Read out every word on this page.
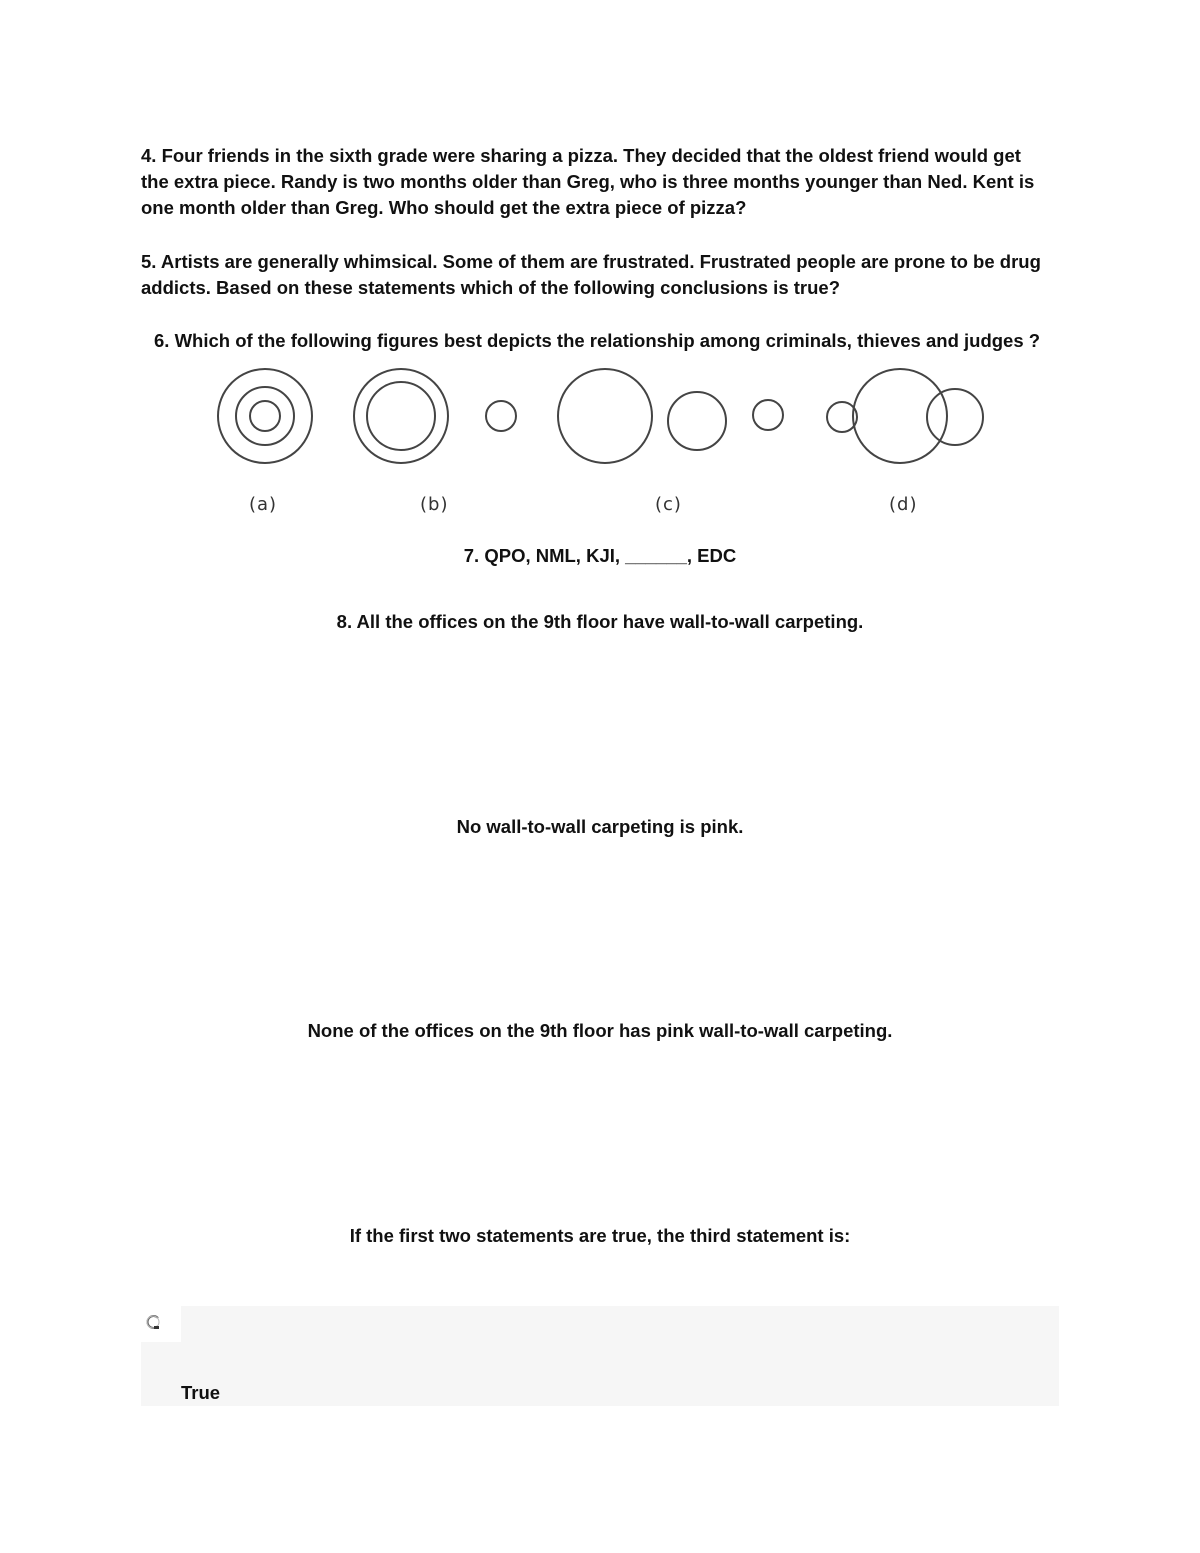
4. Four friends in the sixth grade were sharing a pizza. They decided that the oldest friend would get
the extra piece. Randy is two months older than Greg, who is three months younger than Ned. Kent is
one month older than Greg. Who should get the extra piece of pizza?
5. Artists are generally whimsical. Some of them are frustrated. Frustrated people are prone to be drug
addicts. Based on these statements which of the following conclusions is true?
6. Which of the following figures best depicts the relationship among criminals, thieves and judges ?
(a)	(b)	(c)	(d)
7. QPO, NML, KJI, ______, EDC
8. All the offices on the 9th floor have wall-to-wall carpeting.
No wall-to-wall carpeting is pink.
None of the offices on the 9th floor has pink wall-to-wall carpeting.
If the first two statements are true, the third statement is:
True
